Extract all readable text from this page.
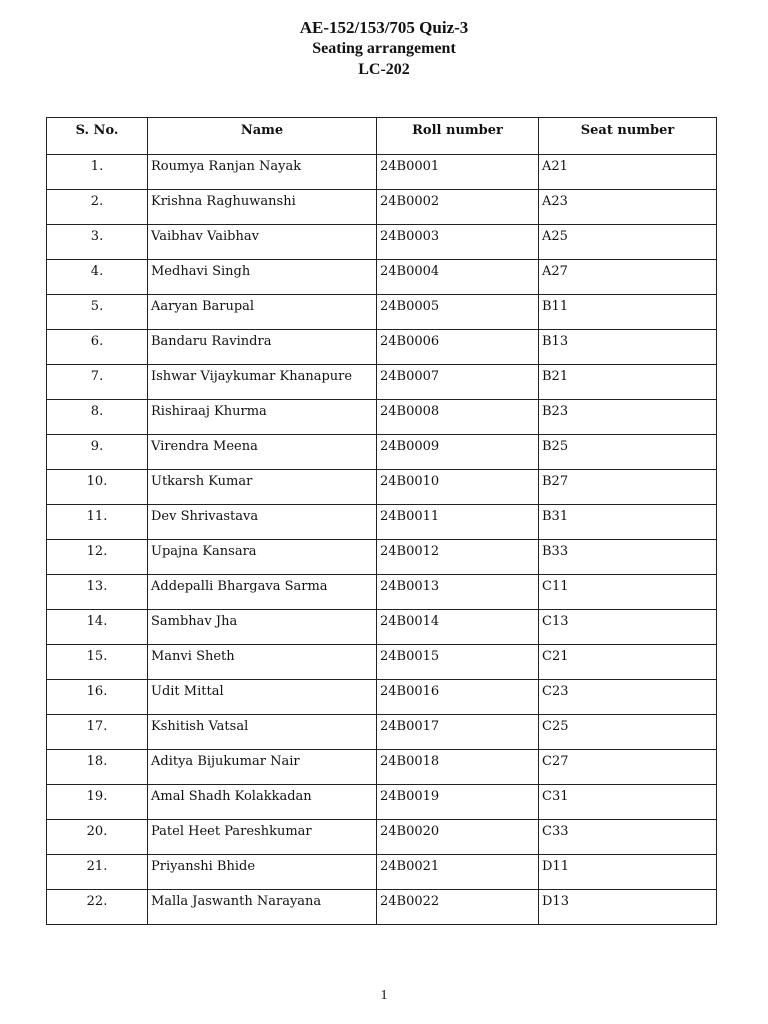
AE-152/153/705 Quiz-3
Seating arrangement
LC-202
S. No.	Name	Roll number	Seat number
1.	Roumya Ranjan Nayak	24B0001	A21
2.	Krishna Raghuwanshi	24B0002	A23
3.	Vaibhav Vaibhav	24B0003	A25
4.	Medhavi Singh	24B0004	A27
5.	Aaryan Barupal	24B0005	B11
6.	Bandaru Ravindra	24B0006	B13
7.	Ishwar Vijaykumar Khanapure	24B0007	B21
8.	Rishiraaj Khurma	24B0008	B23
9.	Virendra Meena	24B0009	B25
10.	Utkarsh Kumar	24B0010	B27
11.	Dev Shrivastava	24B0011	B31
12.	Upajna Kansara	24B0012	B33
13.	Addepalli Bhargava Sarma	24B0013	C11
14.	Sambhav Jha	24B0014	C13
15.	Manvi Sheth	24B0015	C21
16.	Udit Mittal	24B0016	C23
17.	Kshitish Vatsal	24B0017	C25
18.	Aditya Bijukumar Nair	24B0018	C27
19.	Amal Shadh Kolakkadan	24B0019	C31
20.	Patel Heet Pareshkumar	24B0020	C33
21.	Priyanshi Bhide	24B0021	D11
22.	Malla Jaswanth Narayana	24B0022	D13
1
